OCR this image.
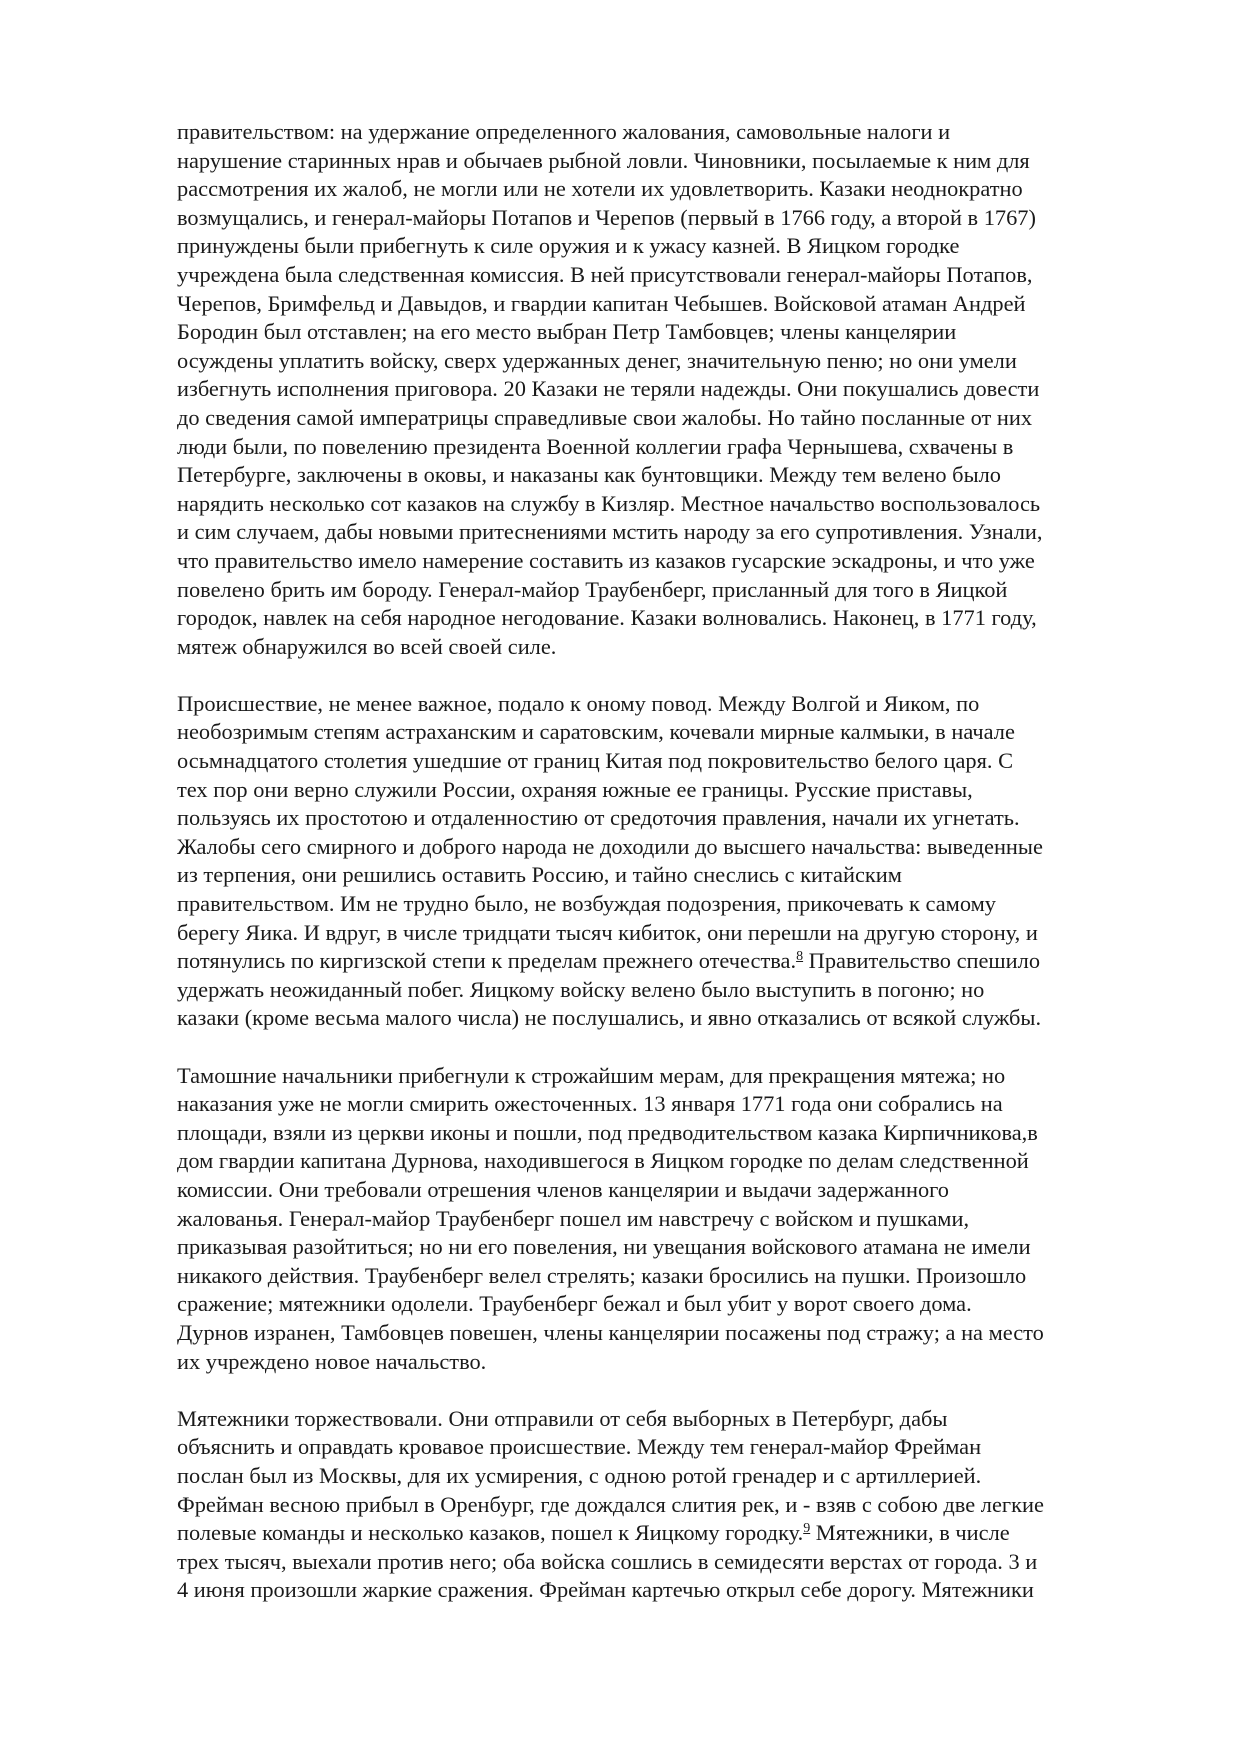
правительством: на удержание определенного жалования, самовольные налоги и
нарушение старинных нрав и обычаев рыбной ловли. Чиновники, посылаемые к ним для
рассмотрения их жалоб, не могли или не хотели их удовлетворить. Казаки неоднократно
возмущались, и генерал-майоры Потапов и Черепов (первый в 1766 году, а второй в 1767)
принуждены были прибегнуть к силе оружия и к ужасу казней. В Яицком городке
учреждена была следственная комиссия. В ней присутствовали генерал-майоры Потапов,
Черепов, Бримфельд и Давыдов, и гвардии капитан Чебышев. Войсковой атаман Андрей
Бородин был отставлен; на его место выбран Петр Тамбовцев; члены канцелярии
осуждены уплатить войску, сверх удержанных денег, значительную пеню; но они умели
избегнуть исполнения приговора. 20 Казаки не теряли надежды. Они покушались довести
до сведения самой императрицы справедливые свои жалобы. Но тайно посланные от них
люди были, по повелению президента Военной коллегии графа Чернышева, схвачены в
Петербурге, заключены в оковы, и наказаны как бунтовщики. Между тем велено было
нарядить несколько сот казаков на службу в Кизляр. Местное начальство воспользовалось
и сим случаем, дабы новыми притеснениями мстить народу за его супротивления. Узнали,
что правительство имело намерение составить из казаков гусарские эскадроны, и что уже
повелено брить им бороду. Генерал-майор Траубенберг, присланный для того в Яицкой
городок, навлек на себя народное негодование. Казаки волновались. Наконец, в 1771 году,
мятеж обнаружился во всей своей силе.
Происшествие, не менее важное, подало к оному повод. Между Волгой и Яиком, по
необозримым степям астраханским и саратовским, кочевали мирные калмыки, в начале
осьмнадцатого столетия ушедшие от границ Китая под покровительство белого царя. С
тех пор они верно служили России, охраняя южные ее границы. Русские приставы,
пользуясь их простотою и отдаленностию от средоточия правления, начали их угнетать.
Жалобы сего смирного и доброго народа не доходили до высшего начальства: выведенные
из терпения, они решились оставить Россию, и тайно снеслись с китайским
правительством. Им не трудно было, не возбуждая подозрения, прикочевать к самому
берегу Яика. И вдруг, в числе тридцати тысяч кибиток, они перешли на другую сторону, и
потянулись по киргизской степи к пределам прежнего отечества.$^8$ Правительство спешило
удержать неожиданный побег. Яицкому войску велено было выступить в погоню; но
казаки (кроме весьма малого числа) не послушались, и явно отказались от всякой службы.
Тамошние начальники прибегнули к строжайшим мерам, для прекращения мятежа; но
наказания уже не могли смирить ожесточенных. 13 января 1771 года они собрались на
площади, взяли из церкви иконы и пошли, под предводительством казака Кирпичникова,в
дом гвардии капитана Дурнова, находившегося в Яицком городке по делам следственной
комиссии. Они требовали отрешения членов канцелярии и выдачи задержанного
жалованья. Генерал-майор Траубенберг пошел им навстречу с войском и пушками,
приказывая разойтиться; но ни его повеления, ни увещания войскового атамана не имели
никакого действия. Траубенберг велел стрелять; казаки бросились на пушки. Произошло
сражение; мятежники одолели. Траубенберг бежал и был убит у ворот своего дома.
Дурнов изранен, Тамбовцев повешен, члены канцелярии посажены под стражу; а на место
их учреждено новое начальство.
Мятежники торжествовали. Они отправили от себя выборных в Петербург, дабы
объяснить и оправдать кровавое происшествие. Между тем генерал-майор Фрейман
послан был из Москвы, для их усмирения, с одною ротой гренадер и с артиллерией.
Фрейман весною прибыл в Оренбург, где дождался слития рек, и - взяв с собою две легкие
полевые команды и несколько казаков, пошел к Яицкому городку.$^9$ Мятежники, в числе
трех тысяч, выехали против него; оба войска сошлись в семидесяти верстах от города. 3 и
4 июня произошли жаркие сражения. Фрейман картечью открыл себе дорогу. Мятежники
